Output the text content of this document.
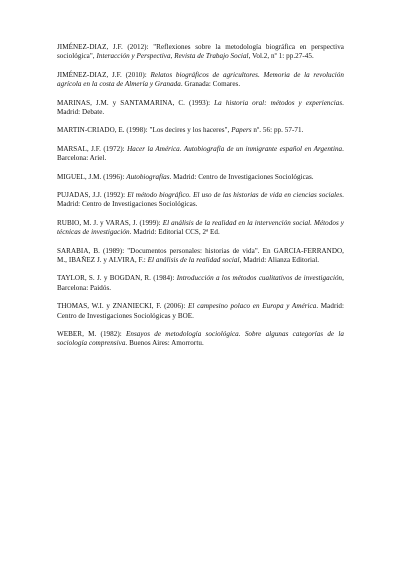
JIMÉNEZ-DIAZ, J.F. (2012): "Reflexiones sobre la metodología biográfica en perspectiva sociológica", Interacción y Perspectiva, Revista de Trabajo Social, Vol.2, nº 1: pp.27-45.

JIMÉNEZ-DIAZ, J.F. (2010): Relatos biográficos de agricultores. Memoria de la revolución agrícola en la costa de Almería y Granada. Granada: Comares.

MARINAS, J.M. y SANTAMARINA, C. (1993): La historia oral: métodos y experiencias. Madrid: Debate.

MARTIN-CRIADO, E. (1998): "Los decires y los haceres", Papers nº. 56: pp. 57-71.

MARSAL, J.F. (1972): Hacer la América. Autobiografía de un inmigrante español en Argentina. Barcelona: Ariel.

MIGUEL, J.M. (1996): Autobiografías. Madrid: Centro de Investigaciones Sociológicas.

PUJADAS, J.J. (1992): El método biográfico. El uso de las historias de vida en ciencias sociales. Madrid: Centro de Investigaciones Sociológicas.

RUBIO, M. J. y VARAS, J. (1999): El análisis de la realidad en la intervención social. Métodos y técnicas de investigación. Madrid: Editorial CCS, 2ª Ed.

SARABIA, B. (1989): "Documentos personales: historias de vida". En GARCIA-FERRANDO, M., IBAÑEZ J. y ALVIRA, F.: El análisis de la realidad social, Madrid: Alianza Editorial.

TAYLOR, S. J. y BOGDAN, R. (1984): Introducción a los métodos cualitativos de investigación, Barcelona: Paidós.

THOMAS, W.I. y ZNANIECKI, F. (2006): El campesino polaco en Europa y América. Madrid: Centro de Investigaciones Sociológicas y BOE.

WEBER, M. (1982): Ensayos de metodología sociológica. Sobre algunas categorías de la sociología comprensiva. Buenos Aires: Amorrortu.
